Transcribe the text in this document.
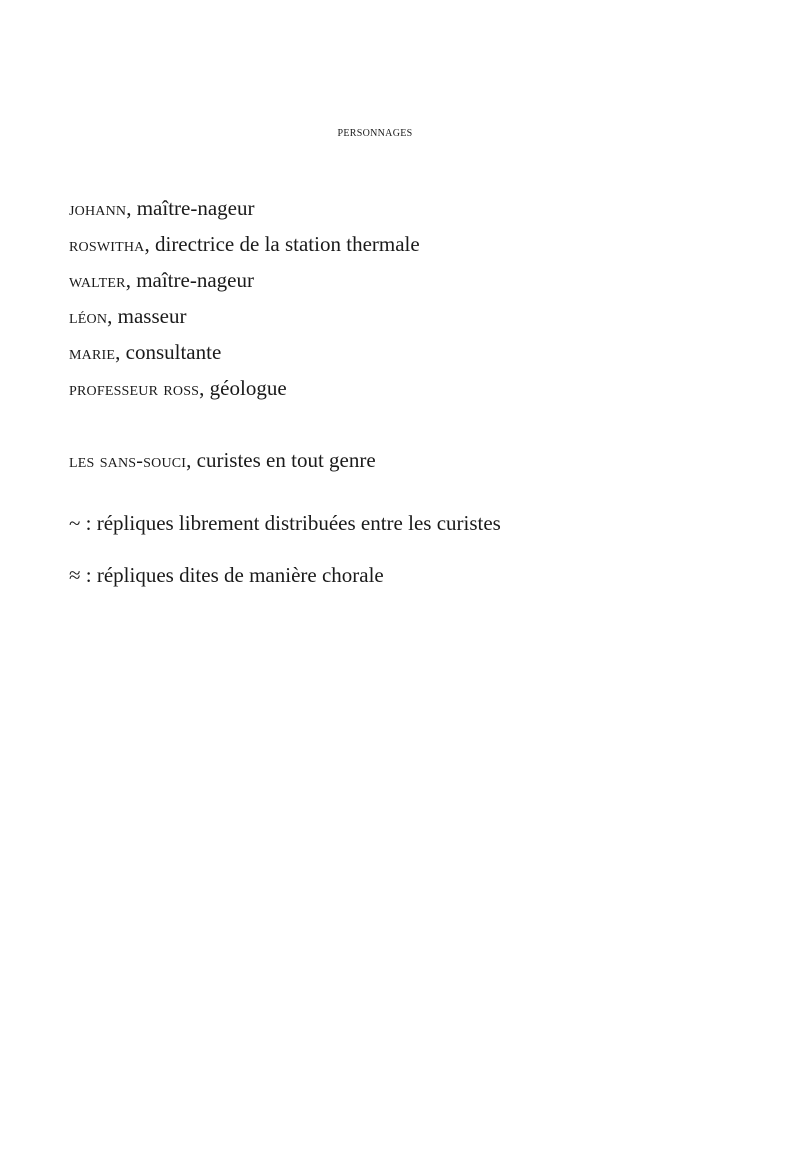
personnages
johann, maître-nageur
roswitha, directrice de la station thermale
walter, maître-nageur
léon, masseur
marie, consultante
professeur ross, géologue
les sans-souci, curistes en tout genre
~ : répliques librement distribuées entre les curistes
≈ : répliques dites de manière chorale
